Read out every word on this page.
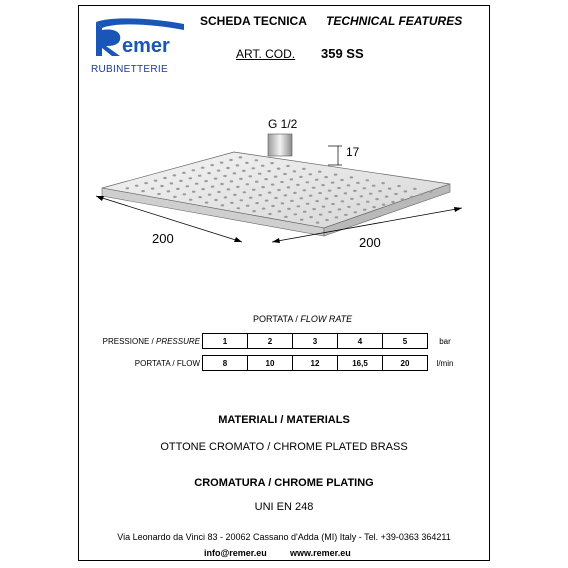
emer
RUBINETTERIE
SCHEDA TECNICA TECHNICAL FEATURES
ART. COD. 359 SS
G 1/2
17
200	200
PORTATA / FLOW RATE
PRESSIONE / PRESSURE	1	2	3	4	5	bar

PORTATA / FLOW	8	10	12	16,5	20	l/min
MATERIALI / MATERIALS
OTTONE CROMATO / CHROME PLATED BRASS
CROMATURA / CHROME PLATING
UNI EN 248
Via Leonardo da Vinci 83 - 20062 Cassano d'Adda (MI) Italy - Tel. +39-0363 364211
info@remer.eu	www.remer.eu
